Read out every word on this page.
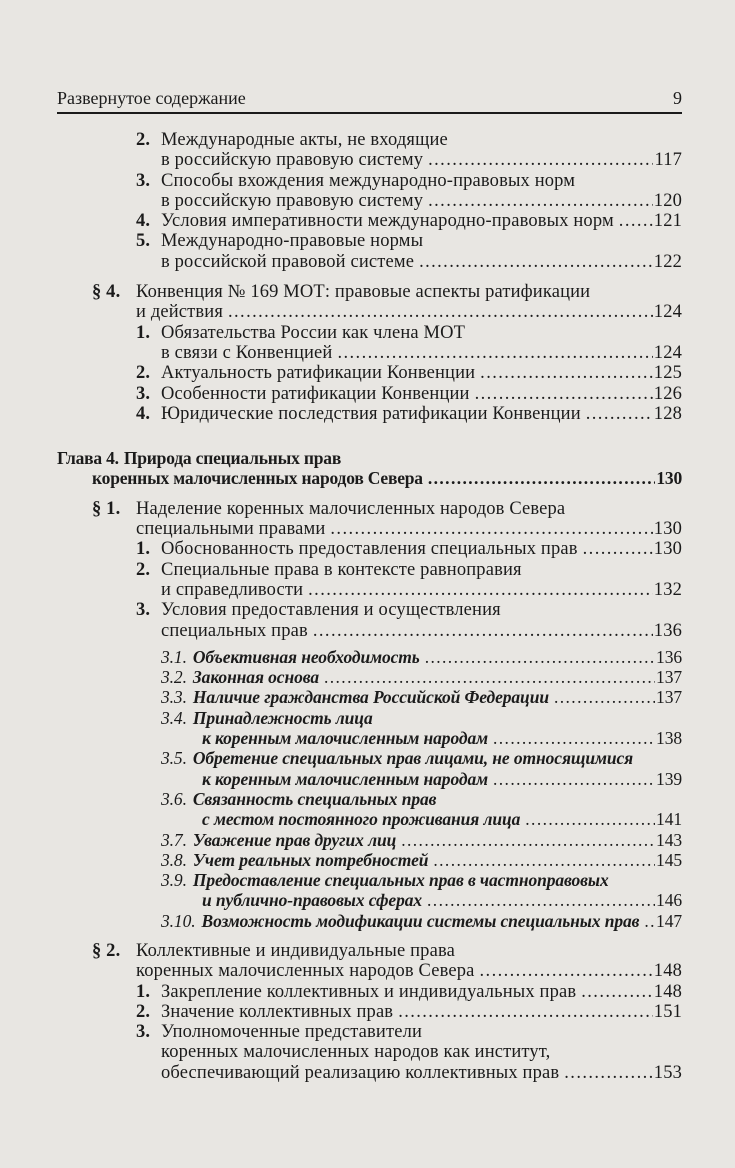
Развернутое содержание	9
2. Международные акты, не входящие
в российскую правовую систему .....	117
3. Способы вхождения международно-правовых норм
в российскую правовую систему .....	120
4. Условия императивности международно-правовых норм ..... 121
5. Международно-правовые нормы
в российской правовой системе .....	122
§ 4. Конвенция № 169 МОТ: правовые аспекты ратификации
и действия .....	124
1. Обязательства России как члена МОТ
в связи с Конвенцией .....	124
2. Актуальность ратификации Конвенции .....	125
3. Особенности ратификации Конвенции .....	126
4. Юридические последствия ратификации Конвенции .....	128
Глава 4. Природа специальных прав
коренных малочисленных народов Севера .....	130
§ 1. Наделение коренных малочисленных народов Севера
специальными правами .....	130
1. Обоснованность предоставления специальных прав .....	130
2. Специальные права в контексте равноправия
и справедливости .....	132
3. Условия предоставления и осуществления
специальных прав .....	136
3.1. Объективная необходимость .....	136
3.2. Законная основа .....	137
3.3. Наличие гражданства Российской Федерации .....	137
3.4. Принадлежность лица
к коренным малочисленным народам .....	138
3.5. Обретение специальных прав лицами, не относящимися
к коренным малочисленным народам .....	139
3.6. Связанность специальных прав
с местом постоянного проживания лица .....	141
3.7. Уважение прав других лиц .....	143
3.8. Учет реальных потребностей .....	145
3.9. Предоставление специальных прав в частноправовых
и публично-правовых сферах .....	146
3.10. Возможность модификации системы специальных прав ..... 147
§ 2. Коллективные и индивидуальные права
коренных малочисленных народов Севера .....	148
1. Закрепление коллективных и индивидуальных прав .....	148
2. Значение коллективных прав .....	151
3. Уполномоченные представители
коренных малочисленных народов как институт,
обеспечивающий реализацию коллективных прав .....	153
